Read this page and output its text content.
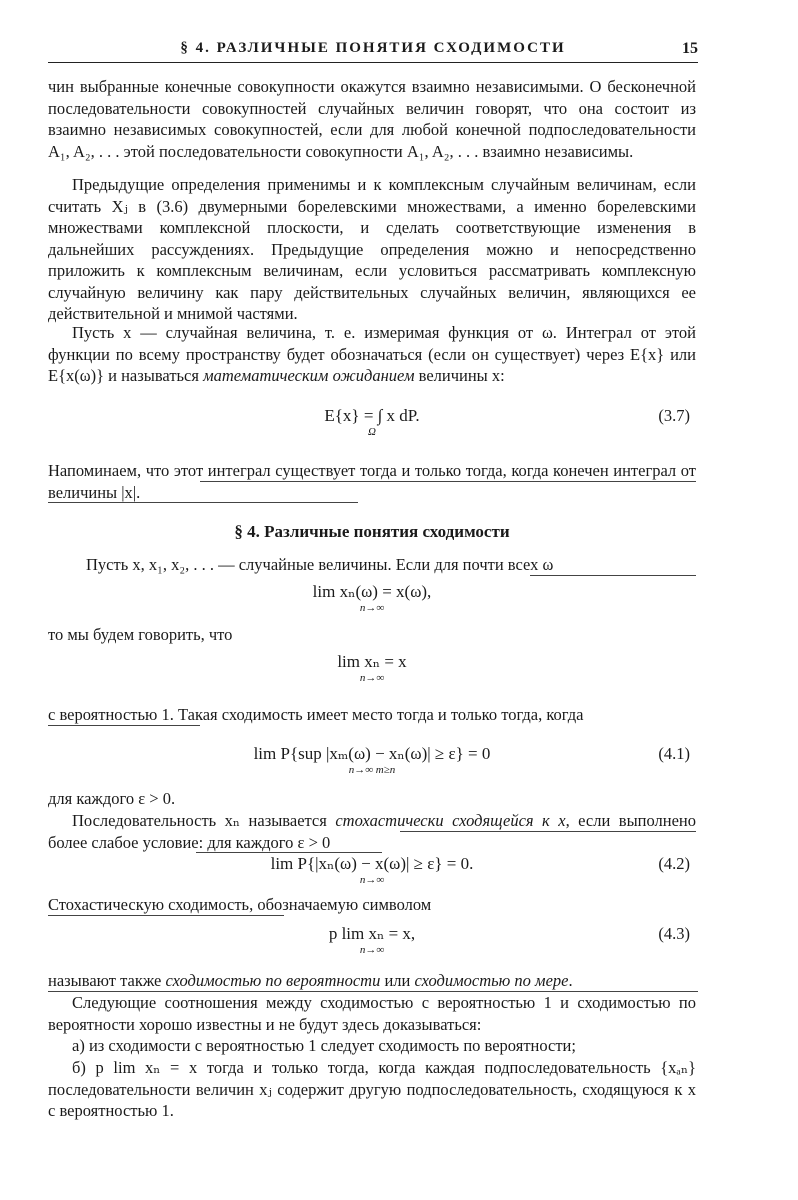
§ 4. РАЗЛИЧНЫЕ ПОНЯТИЯ СХОДИМОСТИ	15
чин выбранные конечные совокупности окажутся взаимно независимыми. О бесконечной последовательности совокупностей случайных величин говорят, что она состоит из взаимно независимых совокупностей, если для любой конечной подпоследовательности A₁, A₂, . . . этой последовательности совокупности A₁, A₂, . . . взаимно независимы.
Предыдущие определения применимы и к комплексным случайным величинам, если считать Xⱼ в (3.6) двумерными борелевскими множествами, а именно борелевскими множествами комплексной плоскости, и сделать соответствующие изменения в дальнейших рассуждениях. Предыдущие определения можно и непосредственно приложить к комплексным величинам, если условиться рассматривать комплексную случайную величину как пару действительных случайных величин, являющихся ее действительной и мнимой частями.
Пусть x — случайная величина, т. е. измеримая функция от ω. Интеграл от этой функции по всему пространству будет обозначаться (если он существует) через E{x} или E{x(ω)} и называться математическим ожиданием величины x:
E{x} = ∫ x dP.
Ω
(3.7)
Напоминаем, что этот интеграл существует тогда и только тогда, когда конечен интеграл от величины |x|.
§ 4. Различные понятия сходимости
Пусть x, x₁, x₂, . . . — случайные величины. Если для почти всех ω
lim xₙ(ω) = x(ω),
n→∞
то мы будем говорить, что
lim xₙ = x
n→∞
с вероятностью 1. Такая сходимость имеет место тогда и только тогда, когда
lim P{sup |xₘ(ω) − xₙ(ω)| ≥ ε} = 0
n→∞ m≥n
(4.1)
для каждого ε > 0.
Последовательность xₙ называется стохастически сходящейся к x, если выполнено более слабое условие: для каждого ε > 0
lim P{|xₙ(ω) − x(ω)| ≥ ε} = 0.
n→∞
(4.2)
Стохастическую сходимость, обозначаемую символом
p lim xₙ = x,
n→∞
(4.3)
называют также сходимостью по вероятности или сходимостью по мере.
Следующие соотношения между сходимостью с вероятностью 1 и сходимостью по вероятности хорошо известны и не будут здесь доказываться:
а) из сходимости с вероятностью 1 следует сходимость по вероятности;
б) p lim xₙ = x тогда и только тогда, когда каждая подпоследовательность {xₐₙ} последовательности величин xⱼ содержит другую подпоследовательность, сходящуюся к x с вероятностью 1.
